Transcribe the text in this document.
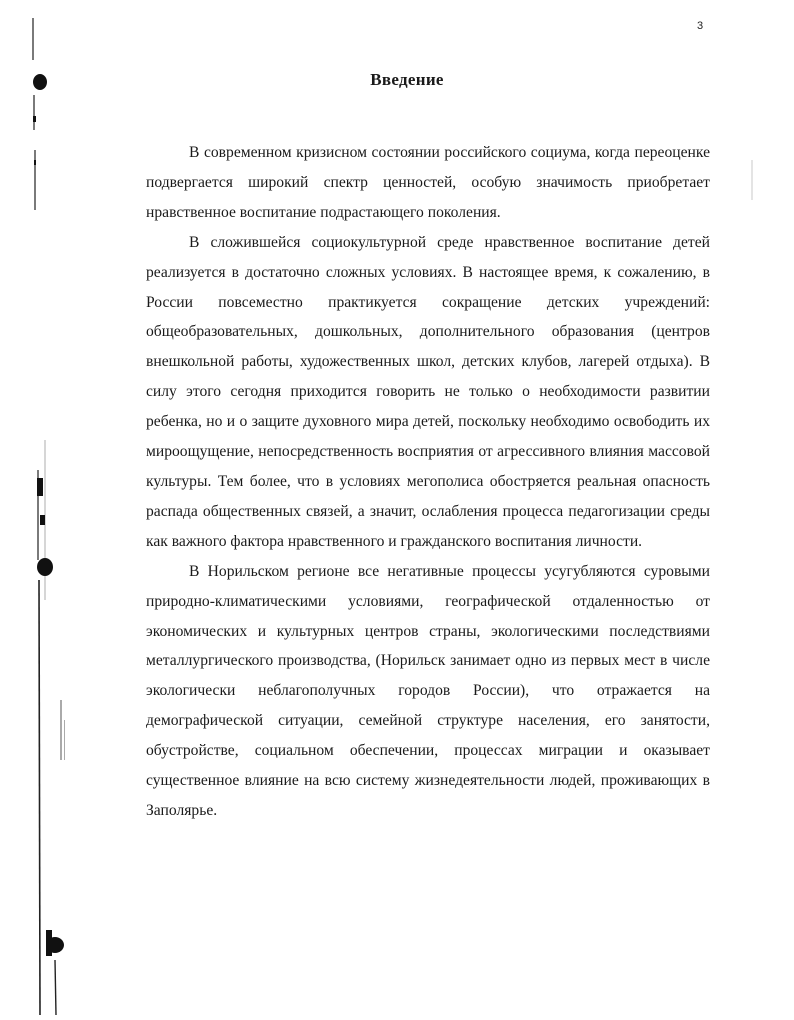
3
Введение

В современном кризисном состоянии российского социума, когда переоценке подвергается широкий спектр ценностей, особую значимость приобретает нравственное воспитание подрастающего поколения.

В сложившейся социокультурной среде нравственное воспитание детей реализуется в достаточно сложных условиях. В настоящее время, к сожалению, в России повсеместно практикуется сокращение детских учреждений: общеобразовательных, дошкольных, дополнительного образования (центров внешкольной работы, художественных школ, детских клубов, лагерей отдыха). В силу этого сегодня приходится говорить не только о необходимости развитии ребенка, но и о защите духовного мира детей, поскольку необходимо освободить их мироощущение, непосредственность восприятия от агрессивного влияния массовой культуры. Тем более, что в условиях мегополиса обостряется реальная опасность распада общественных связей, а значит, ослабления процесса педагогизации среды как важного фактора нравственного и гражданского воспитания личности.

В Норильском регионе все негативные процессы усугубляются суровыми природно-климатическими условиями, географической отдаленностью от экономических и культурных центров страны, экологическими последствиями металлургического производства, (Норильск занимает одно из первых мест в числе экологически неблагополучных городов России), что отражается на демографической ситуации, семейной структуре населения, его занятости, обустройстве, социальном обеспечении, процессах миграции и оказывает существенное влияние на всю систему жизнедеятельности людей, проживающих в Заполярье.
